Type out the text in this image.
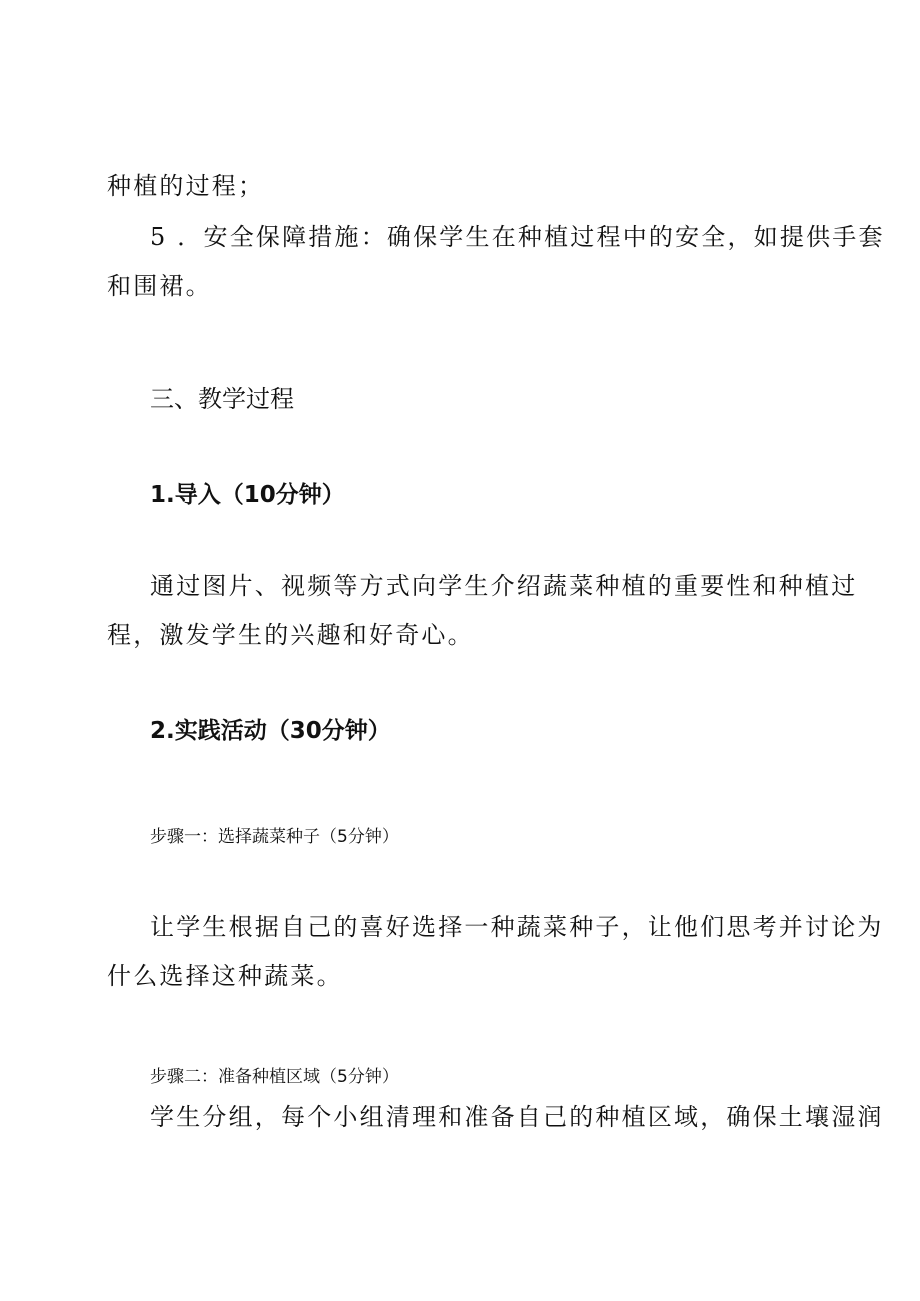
种植的过程；
5 ．安全保障措施：确保学生在种植过程中的安全，如提供手套
和围裙。
三、教学过程
1.导入（10分钟）
通过图片、视频等方式向学生介绍蔬菜种植的重要性和种植过
程，激发学生的兴趣和好奇心。
2.实践活动（30分钟）
步骤一：选择蔬菜种子（5分钟）
让学生根据自己的喜好选择一种蔬菜种子，让他们思考并讨论为
什么选择这种蔬菜。
步骤二：准备种植区域（5分钟）
学生分组，每个小组清理和准备自己的种植区域，确保土壤湿润
